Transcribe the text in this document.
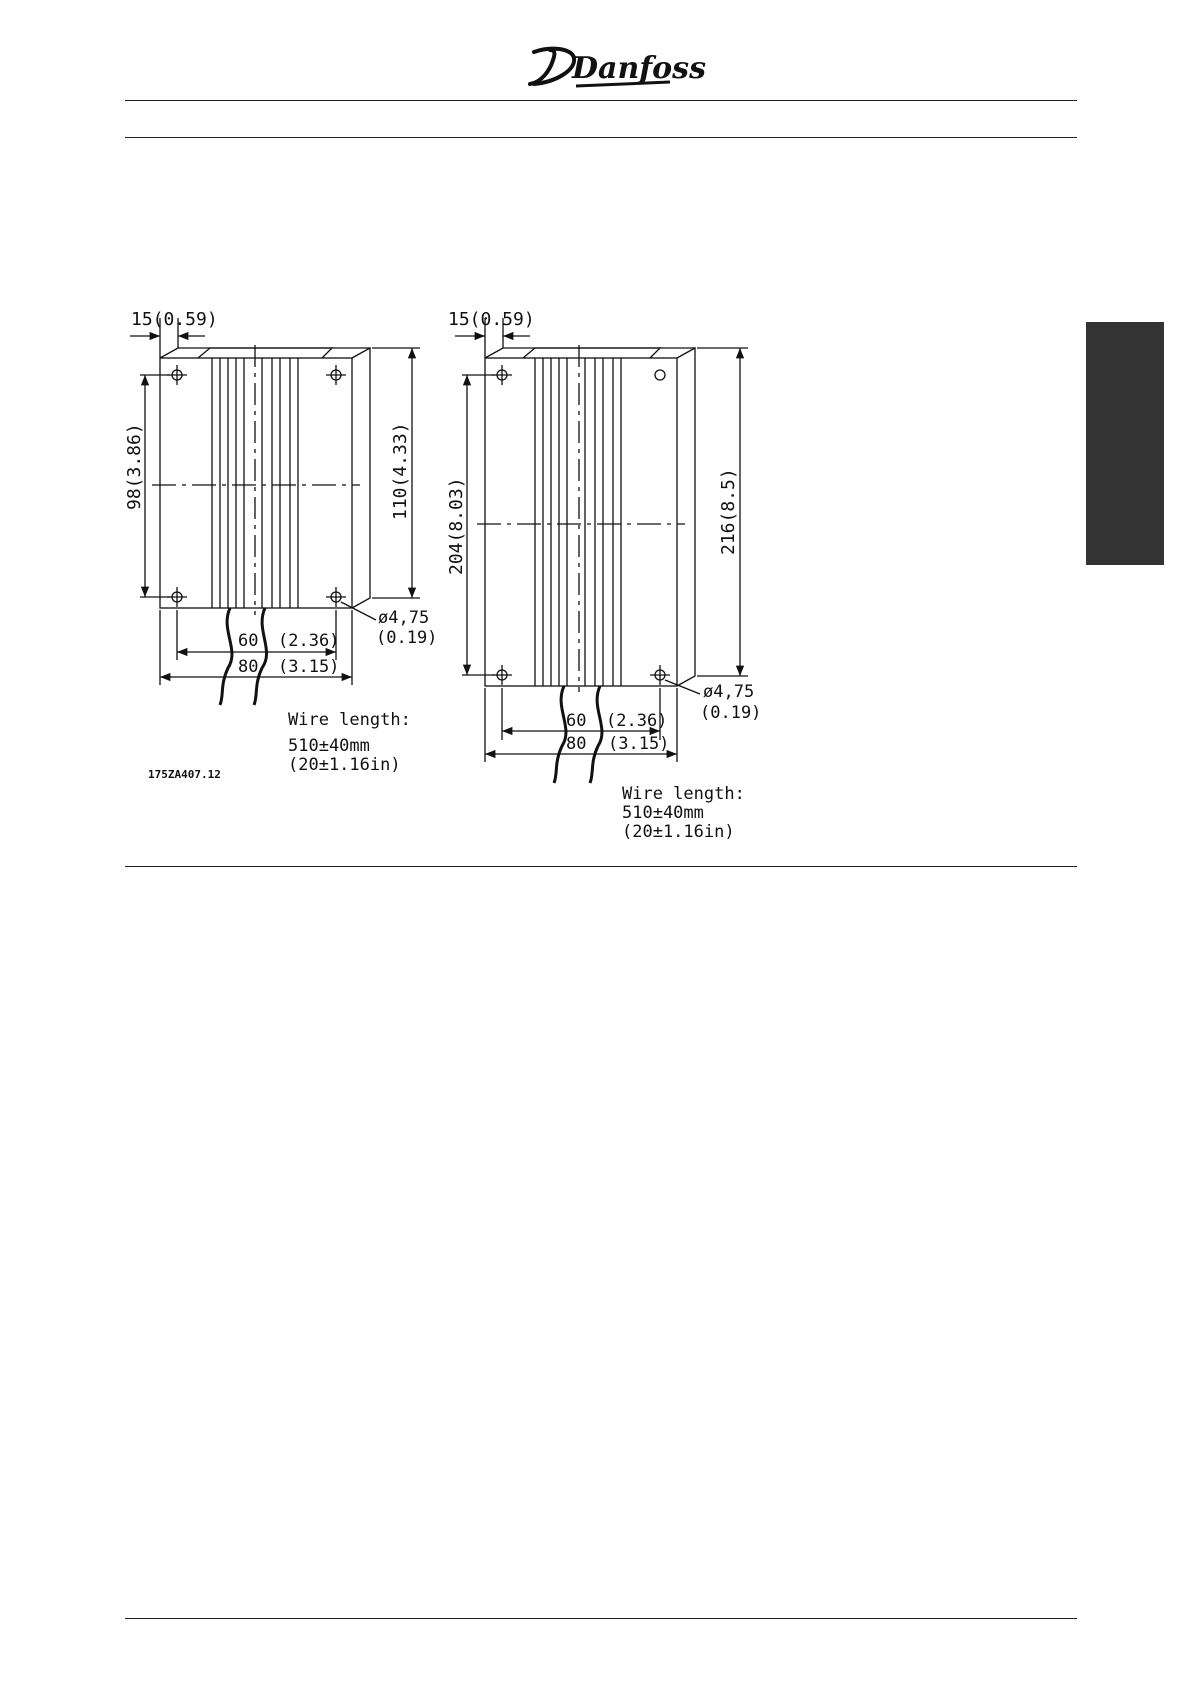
Danfoss
15(0.59)
98(3.86)	110(4.33)
ø4,75
(0.19)
60 (2.36)
80 (3.15)
Wire length:
510±40mm
(20±1.16in)
175ZA407.12
15(0.59)
204(8.03)	216(8.5)
ø4,75
(0.19)
60 (2.36)
80 (3.15)
Wire length:
510±40mm
(20±1.16in)
